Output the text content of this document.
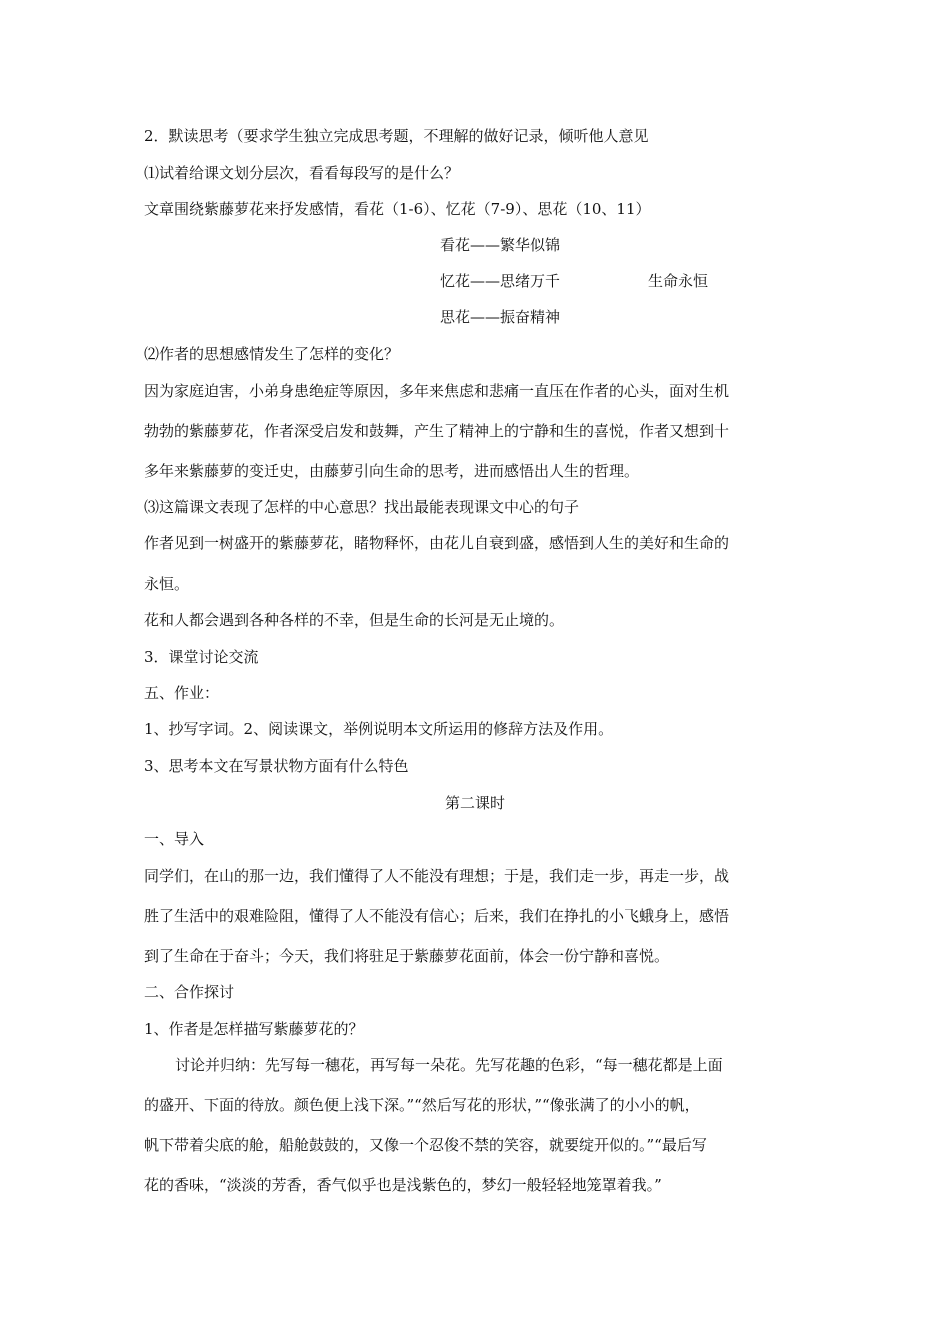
2．默读思考（要求学生独立完成思考题，不理解的做好记录，倾听他人意见
⑴试着给课文划分层次，看看每段写的是什么？
文章围绕紫藤萝花来抒发感情，看花（1-6）、忆花（7-9）、思花（10、11）
看花——繁华似锦
忆花——思绪万千	生命永恒
思花——振奋精神
⑵作者的思想感情发生了怎样的变化？
因为家庭迫害，小弟身患绝症等原因，多年来焦虑和悲痛一直压在作者的心头，面对生机
勃勃的紫藤萝花，作者深受启发和鼓舞，产生了精神上的宁静和生的喜悦，作者又想到十
多年来紫藤萝的变迁史，由藤萝引向生命的思考，进而感悟出人生的哲理。
⑶这篇课文表现了怎样的中心意思？找出最能表现课文中心的句子
作者见到一树盛开的紫藤萝花，睹物释怀，由花儿自衰到盛，感悟到人生的美好和生命的
永恒。
花和人都会遇到各种各样的不幸，但是生命的长河是无止境的。
3．课堂讨论交流
五、作业：
1、抄写字词。2、阅读课文，举例说明本文所运用的修辞方法及作用。
3、思考本文在写景状物方面有什么特色
第二课时
一、导入
同学们，在山的那一边，我们懂得了人不能没有理想；于是，我们走一步，再走一步，战
胜了生活中的艰难险阻，懂得了人不能没有信心；后来，我们在挣扎的小飞蛾身上，感悟
到了生命在于奋斗；今天，我们将驻足于紫藤萝花面前，体会一份宁静和喜悦。
二、合作探讨
1、作者是怎样描写紫藤萝花的？
讨论并归纳：先写每一穗花，再写每一朵花。先写花趣的色彩，“每一穗花都是上面
的盛开、下面的待放。颜色便上浅下深。”“然后写花的形状，”“像张满了的小小的帆，
帆下带着尖底的舱，船舱鼓鼓的，又像一个忍俊不禁的笑容，就要绽开似的。”“最后写
花的香味，“淡淡的芳香，香气似乎也是浅紫色的，梦幻一般轻轻地笼罩着我。”
